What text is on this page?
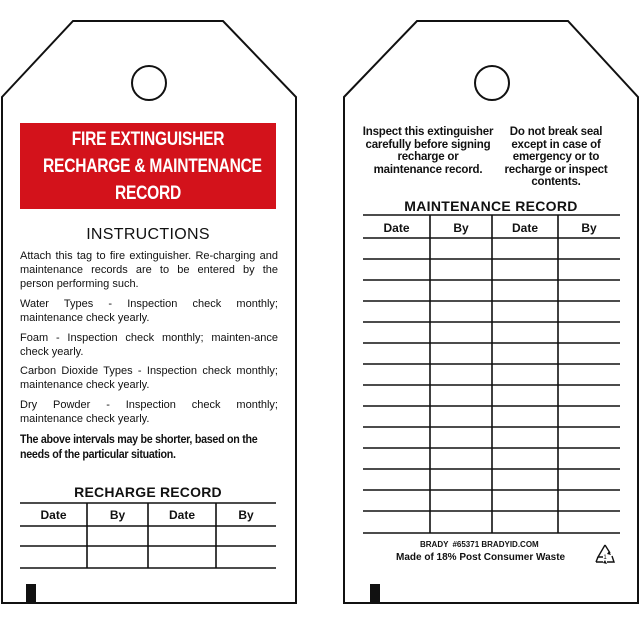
FIRE EXTINGUISHER
RECHARGE & MAINTENANCE
RECORD
INSTRUCTIONS
Attach this tag to fire extinguisher. Re-charging and maintenance records are to be entered by the person performing such.
Water Types - Inspection check monthly; maintenance check yearly.
Foam - Inspection check monthly; mainten-ance check yearly.
Carbon Dioxide Types - Inspection check monthly; maintenance check yearly.
Dry Powder - Inspection check monthly; maintenance check yearly.
The above intervals may be shorter, based on the needs of the particular situation.
RECHARGE RECORD
Date	By	Date	By
Inspect this extinguisher carefully before signing recharge or maintenance record.
Do not break seal except in case of emergency or to recharge or inspect contents.
MAINTENANCE RECORD
Date	By	Date	By
BRADY #65371 BRADYID.COM
Made of 18% Post Consumer Waste	1
